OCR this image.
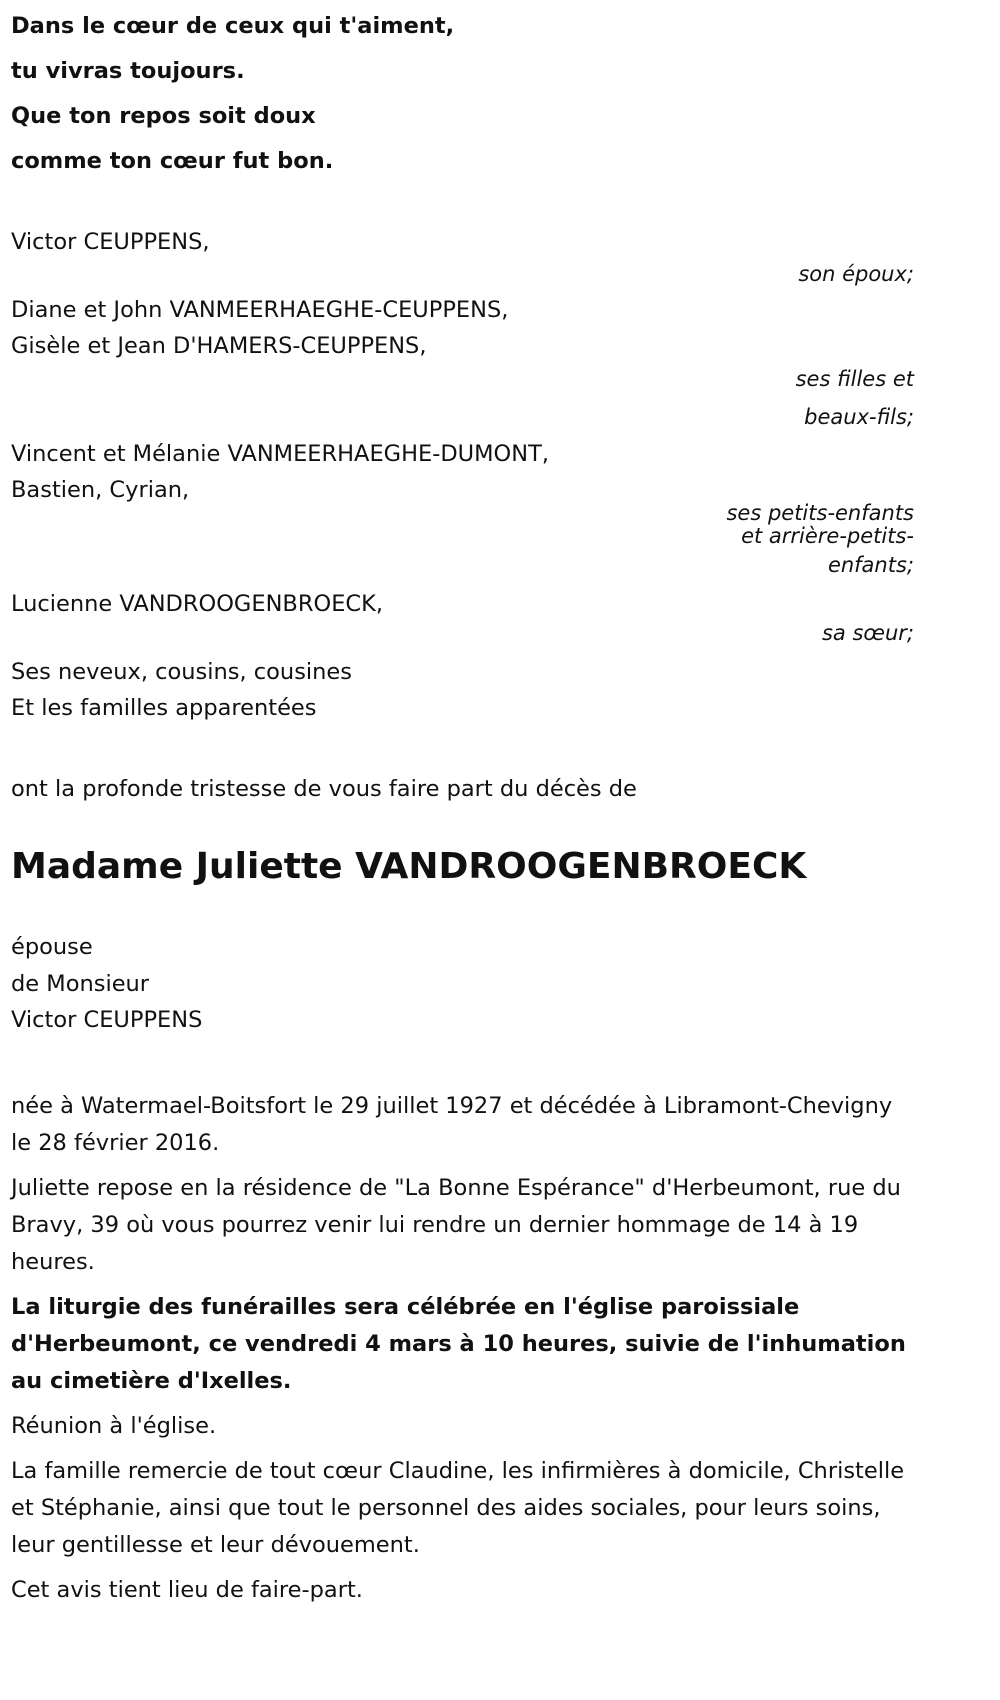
Dans le cœur de ceux qui t'aiment,

tu vivras toujours.

Que ton repos soit doux

comme ton cœur fut bon.

Victor CEUPPENS,

son époux;

Diane et John VANMEERHAEGHE-CEUPPENS,

Gisèle et Jean D'HAMERS-CEUPPENS,

ses filles et
beaux-fils;

Vincent et Mélanie VANMEERHAEGHE-DUMONT,

Bastien, Cyrian,

ses petits-enfants
et arrière-petits-
enfants;

Lucienne VANDROOGENBROECK,

sa sœur;

Ses neveux, cousins, cousines

Et les familles apparentées

ont la profonde tristesse de vous faire part du décès de

Madame Juliette VANDROOGENBROECK

épouse

de Monsieur

Victor CEUPPENS

née à Watermael-Boitsfort le 29 juillet 1927 et décédée à Libramont-Chevigny le 28 février 2016.

Juliette repose en la résidence de "La Bonne Espérance" d'Herbeumont, rue du Bravy, 39 où vous pourrez venir lui rendre un dernier hommage de 14 à 19 heures.

La liturgie des funérailles sera célébrée en l'église paroissiale d'Herbeumont, ce vendredi 4 mars à 10 heures, suivie de l'inhumation au cimetière d'Ixelles.

Réunion à l'église.

La famille remercie de tout cœur Claudine, les infirmières à domicile, Christelle et Stéphanie, ainsi que tout le personnel des aides sociales, pour leurs soins, leur gentillesse et leur dévouement.

Cet avis tient lieu de faire-part.
